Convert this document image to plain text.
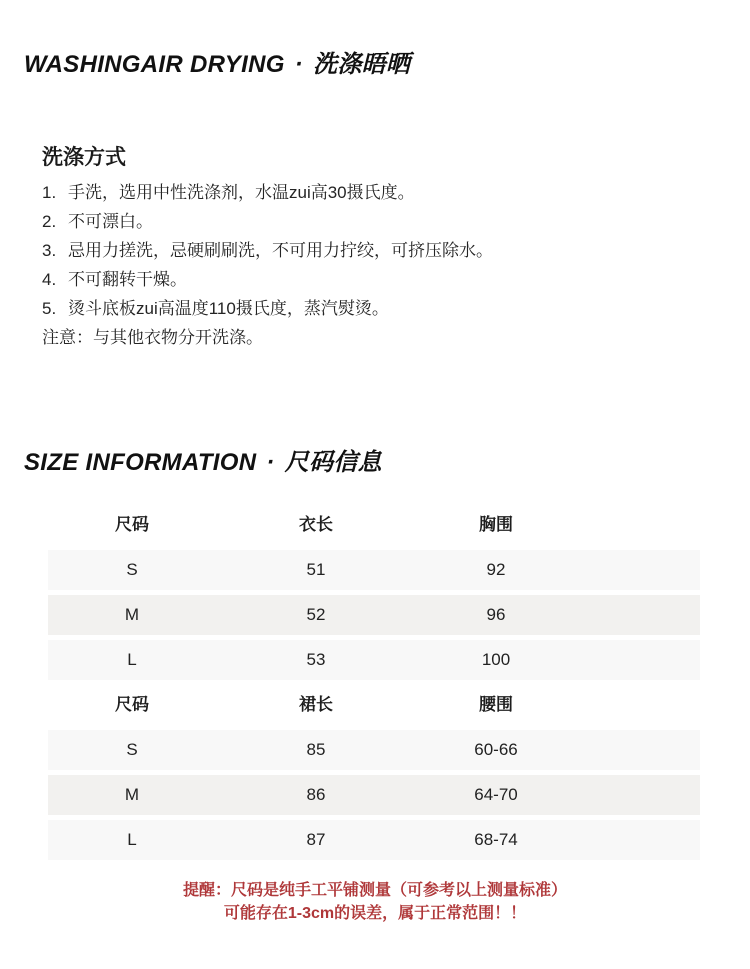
WASHINGAIR DRYING · 洗涤晤晒
洗涤方式
1. 手洗，选用中性洗涤剂，水温zui高30摄氏度。
2. 不可漂白。
3. 忌用力搓洗，忌硬刷刷洗，不可用力拧绞，可挤压除水。
4. 不可翻转干燥。
5. 烫斗底板zui高温度110摄氏度，蒸汽熨烫。
注意：与其他衣物分开洗涤。
SIZE INFORMATION · 尺码信息
尺码	衣长	胸围
S	51	92
M	52	96
L	53	100
尺码	裙长	腰围
S	85	60-66
M	86	64-70
L	87	68-74
提醒：尺码是纯手工平铺测量（可参考以上测量标准）
可能存在1-3cm的误差，属于正常范围！！
